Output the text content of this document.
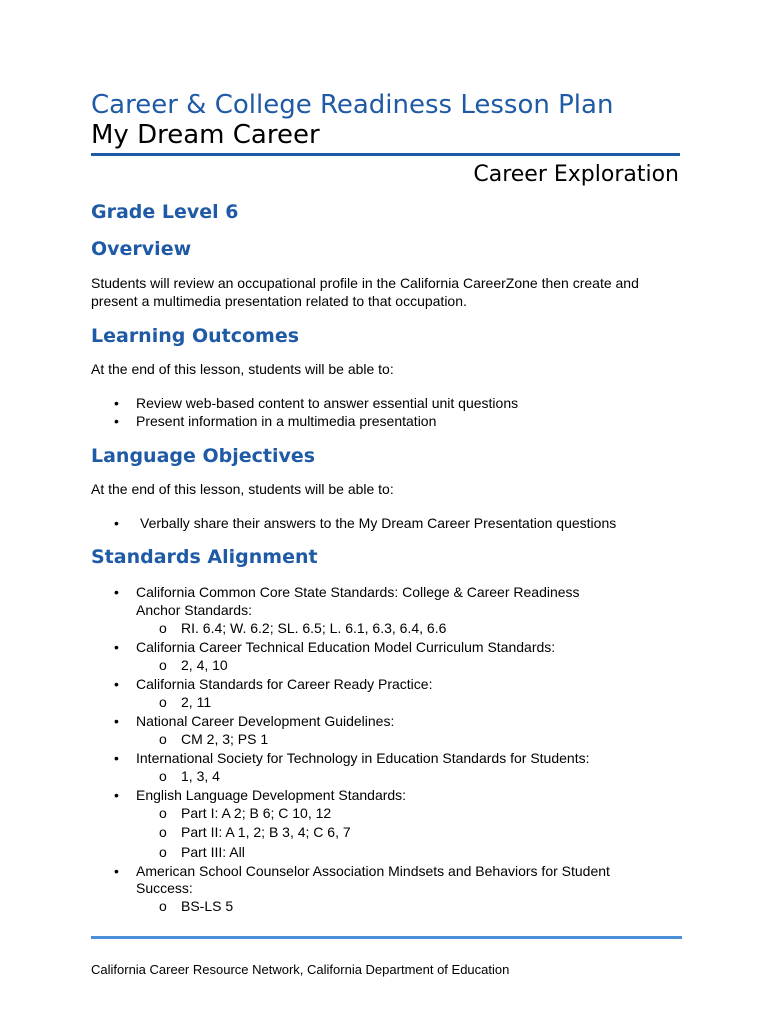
Career & College Readiness Lesson Plan
My Dream Career
Career Exploration
Grade Level 6
Overview
Students will review an occupational profile in the California CareerZone then create and present a multimedia presentation related to that occupation.
Learning Outcomes
At the end of this lesson, students will be able to:
• Review web-based content to answer essential unit questions
• Present information in a multimedia presentation
Language Objectives
At the end of this lesson, students will be able to:
• Verbally share their answers to the My Dream Career Presentation questions
Standards Alignment
• California Common Core State Standards: College & Career Readiness
Anchor Standards:
o RI. 6.4; W. 6.2; SL. 6.5; L. 6.1, 6.3, 6.4, 6.6
• California Career Technical Education Model Curriculum Standards:
o 2, 4, 10
• California Standards for Career Ready Practice:
o 2, 11
• National Career Development Guidelines:
o CM 2, 3; PS 1
• International Society for Technology in Education Standards for Students:
o 1, 3, 4
• English Language Development Standards:
o Part I: A 2; B 6; C 10, 12
o Part II: A 1, 2; B 3, 4; C 6, 7
o Part III: All
• American School Counselor Association Mindsets and Behaviors for Student
Success:
o BS-LS 5
California Career Resource Network, California Department of Education
